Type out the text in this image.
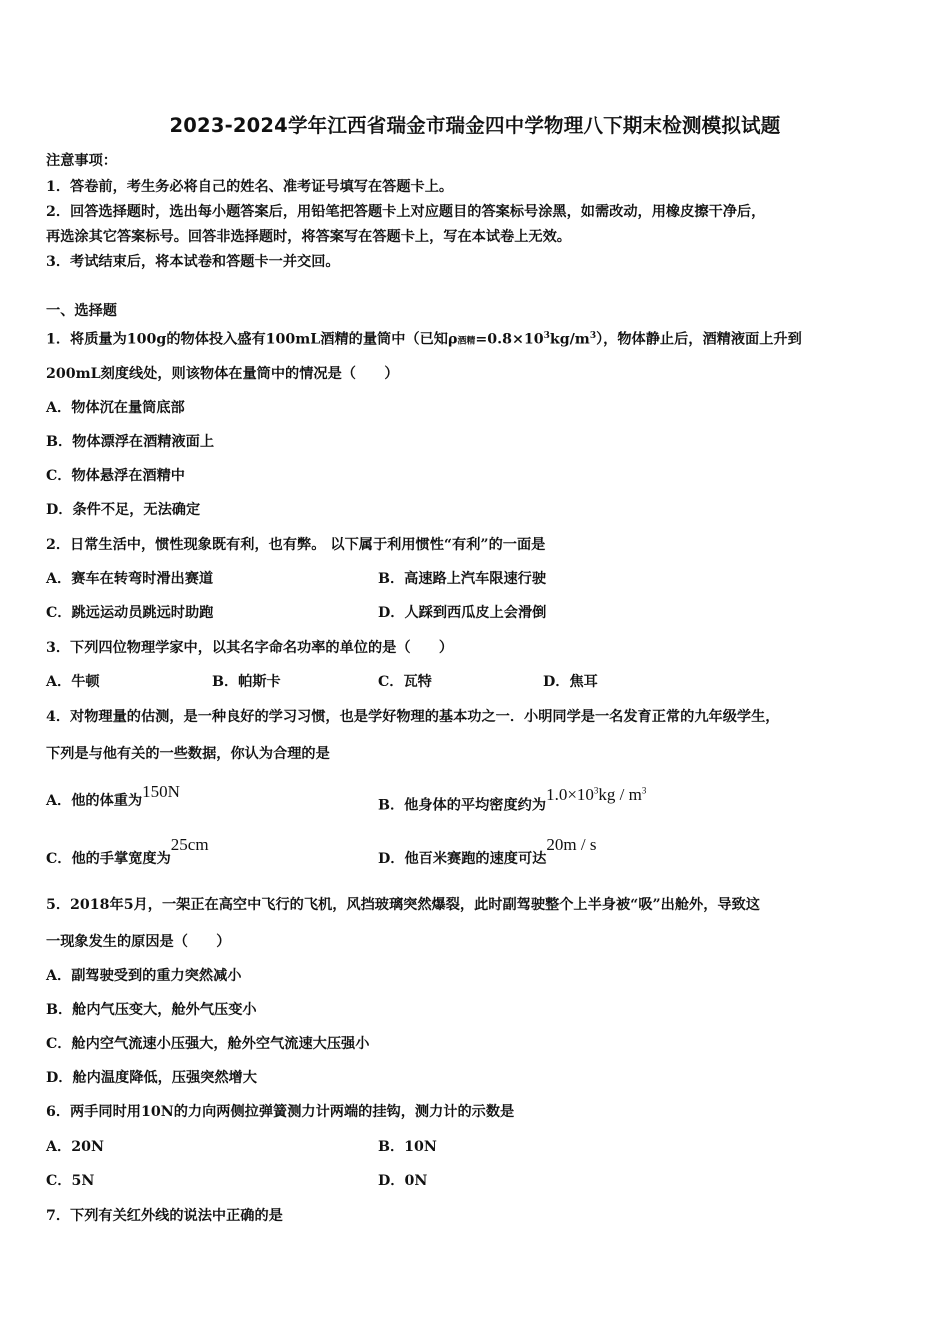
2023-2024学年江西省瑞金市瑞金四中学物理八下期末检测模拟试题
注意事项：
1．答卷前，考生务必将自己的姓名、准考证号填写在答题卡上。
2．回答选择题时，选出每小题答案后，用铅笔把答题卡上对应题目的答案标号涂黑，如需改动，用橡皮擦干净后，
再选涂其它答案标号。回答非选择题时，将答案写在答题卡上，写在本试卷上无效。
3．考试结束后，将本试卷和答题卡一并交回。
一、选择题
1．将质量为100g的物体投入盛有100mL酒精的量筒中（已知ρ酒精$=0.8\times 10^3kg/m^3$），物体静止后，酒精液面上升到
200mL刻度线处，则该物体在量筒中的情况是（　　）
A．物体沉在量筒底部
B．物体漂浮在酒精液面上
C．物体悬浮在酒精中
D．条件不足，无法确定
2．日常生活中，惯性现象既有利，也有弊。 以下属于利用惯性“有利”的一面是
A．赛车在转弯时滑出赛道	B．高速路上汽车限速行驶
C．跳远运动员跳远时助跑	D．人踩到西瓜皮上会滑倒
3．下列四位物理学家中，以其名字命名功率的单位的是（　　）
A．牛顿	B．帕斯卡	C．瓦特	D．焦耳
4．对物理量的估测，是一种良好的学习习惯，也是学好物理的基本功之一．小明同学是一名发育正常的九年级学生，
下列是与他有关的一些数据，你认为合理的是
A．他的体重为150N
B．他身体的平均密度约为$1.0\times 10^3kg / m^3$
C．他的手掌宽度为25cm
D．他百米赛跑的速度可达20m / s
5．2018年5月，一架正在高空中飞行的飞机，风挡玻璃突然爆裂，此时副驾驶整个上半身被“吸”出舱外，导致这
一现象发生的原因是（　　）
A．副驾驶受到的重力突然减小
B．舱内气压变大，舱外气压变小
C．舱内空气流速小压强大，舱外空气流速大压强小
D．舱内温度降低，压强突然增大
6．两手同时用10N的力向两侧拉弹簧测力计两端的挂钩，测力计的示数是
A．20N	B．10N
C．5N	D．0N
7．下列有关红外线的说法中正确的是
